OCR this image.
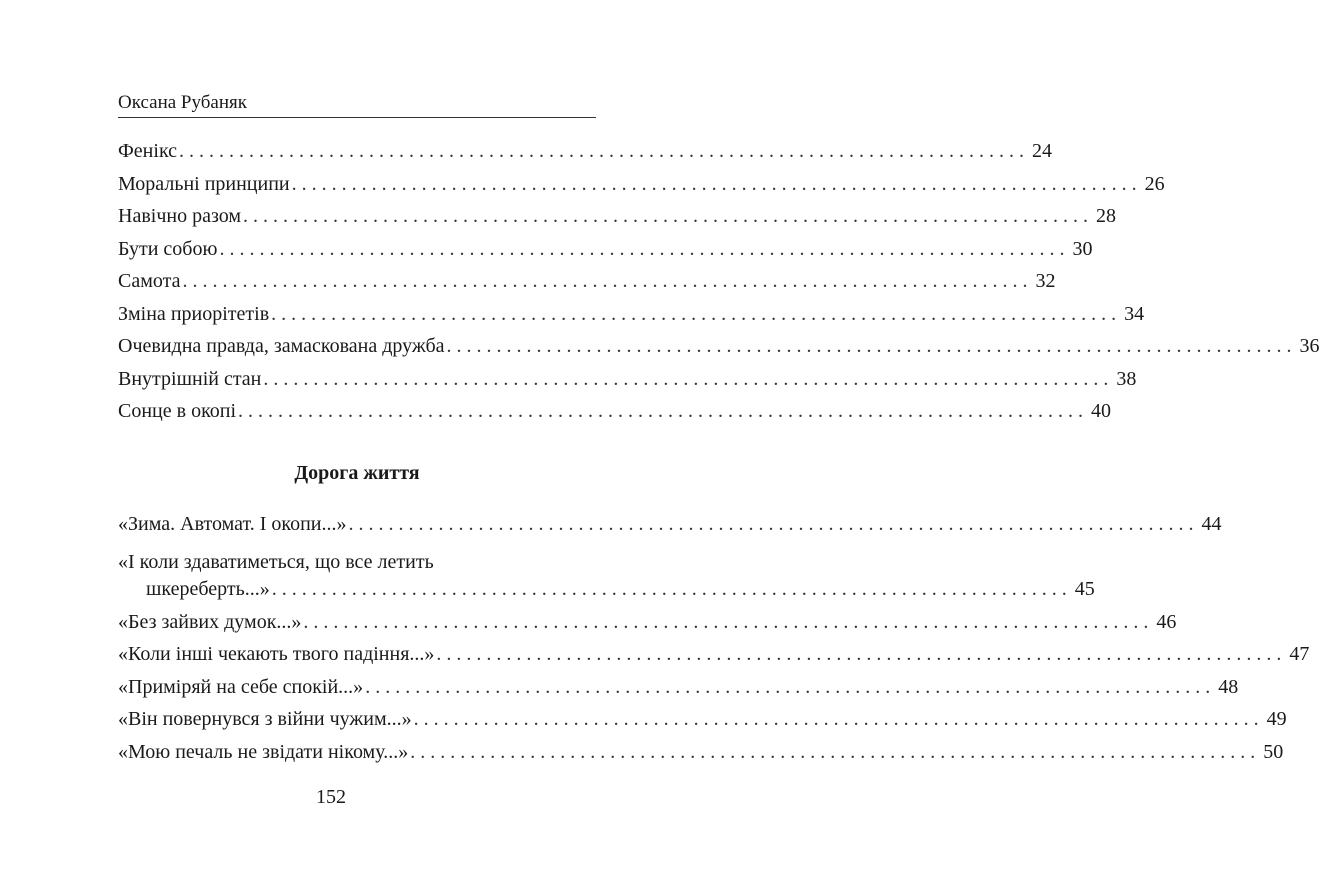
Оксана Рубаняк
Фенікс . . .	24
Моральні принципи . . .	26
Навічно разом . . .	28
Бути собою . . .	30
Самота . . .	32
Зміна приорітетів . . .	34
Очевидна правда, замаскована дружба . . .	36
Внутрішній стан . . .	38
Сонце в окопі . . .	40
Дорога життя
«Зима. Автомат. І окопи...» . . .	44
«І коли здаватиметься, що все летить
шкереберть...» . . . . . . . . . . . . . . . . . . . . . . . . . . . . . . . . . . . . . . . . . . . . . . . . . . . . . . . . . . . . . . . . . . . . . . . . . . . . . . . . 45
«Без зайвих думок...» . . .	46
«Коли інші чекають твого падіння...» . . .	47
«Приміряй на себе спокій...» . . .	48
«Він повернувся з війни чужим...» . . .	49
«Мою печаль не звідати нікому...» . . .	50
152
